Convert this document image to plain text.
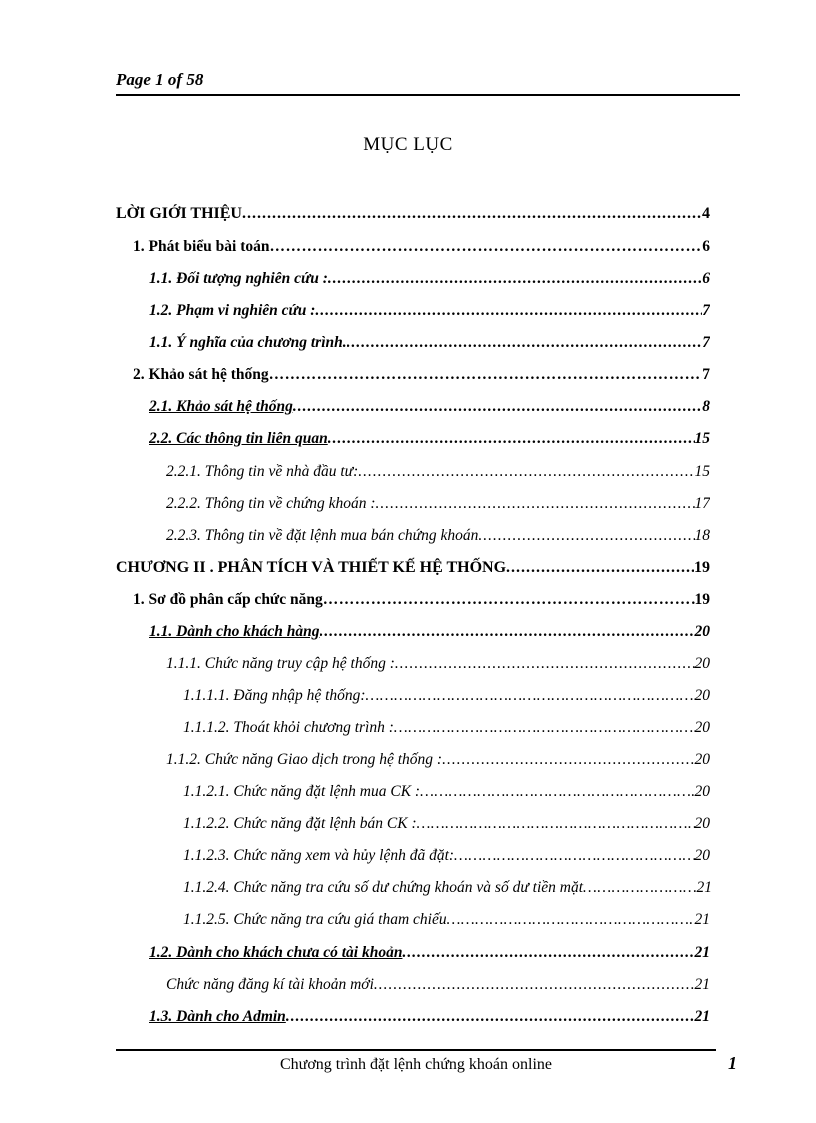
Page 1 of 58
MỤC LỤC
LỜI GIỚI THIỆU .....	4
1. Phát biểu bài toán ………………………………………………………………………………………………………………………………………………………………	6
1.1. Đối tượng nghiên cứu : .....	6
1.2. Phạm vi nghiên cứu : .....	7
1.1. Ý nghĩa của chương trình. .....	7
2. Khảo sát hệ thống ………………………………………………………………………………………………………………………………………………………………	7
2.1. Khảo sát hệ thống .....	8
2.2. Các thông tin liên quan .....	15
2.2.1. Thông tin về nhà đầu tư: .....	15
2.2.2. Thông tin về chứng khoán : .....	17
2.2.3. Thông tin về đặt lệnh mua bán chứng khoán .....	18
CHƯƠNG II . PHÂN TÍCH VÀ THIẾT KẾ HỆ THỐNG .....	19
1. Sơ đồ phân cấp chức năng ………………………………………………………………………………………………………………………………………………………………	19
1.1. Dành cho khách hàng .....	20
1.1.1. Chức năng truy cập hệ thống : .....	20
1.1.1.1. Đăng nhập hệ thống: ………………………………………………………………………………………………………………………………………………………………	20
1.1.1.2. Thoát khỏi chương trình : ………………………………………………………………………………………………………………………………………………………………	20
1.1.2. Chức năng Giao dịch trong hệ thống : .....	20
1.1.2.1. Chức năng đặt lệnh mua CK : ………………………………………………………………………………………………………………………………………………………………	20
1.1.2.2. Chức năng đặt lệnh bán CK : ………………………………………………………………………………………………………………………………………………………………	20
1.1.2.3. Chức năng xem và hủy lệnh đã đặt: ………………………………………………………………………………………………………………………………………………………………	20
1.1.2.4. Chức năng tra cứu số dư chứng khoán và số dư tiền mặt ………………………………………………………………………………………………………………………………………………………………	21
1.1.2.5. Chức năng tra cứu giá tham chiếu ………………………………………………………………………………………………………………………………………………………………	21
1.2. Dành cho khách chưa có tài khoản .....	21
Chức năng đăng kí tài khoản mới .....	21
1.3. Dành cho Admin .....	21
Chương trình đặt lệnh chứng khoán online	1
